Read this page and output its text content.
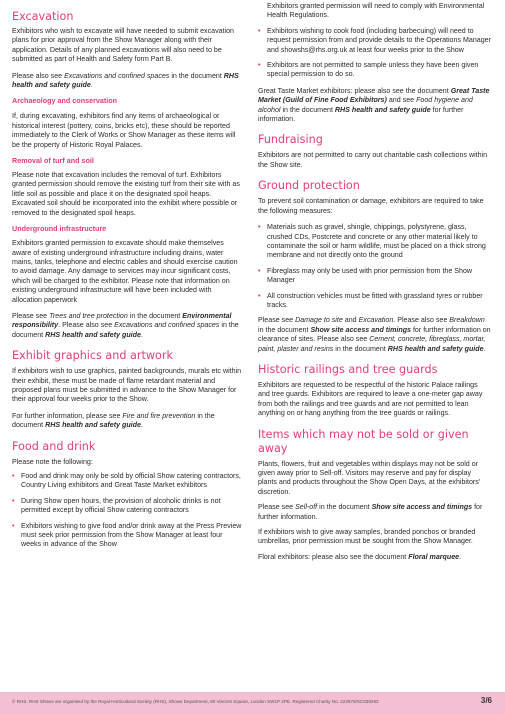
Excavation

Exhibitors who wish to excavate will have needed to submit excavation plans for prior approval from the Show Manager along with their application. Details of any planned excavations will also need to be submitted as part of Health and Safety form Part B.

Please also see Excavations and confined spaces in the document RHS health and safety guide.

Archaeology and conservation

If, during excavating, exhibitors find any items of archaeological or historical interest (pottery, coins, bricks etc), these should be reported immediately to the Clerk of Works or Show Manager as these items will be the property of Historic Royal Palaces.

Removal of turf and soil

Please note that excavation includes the removal of turf. Exhibitors granted permission should remove the existing turf from their site with as little soil as possible and place it on the designated spoil heaps. Excavated soil should be incorporated into the exhibit where possible or removed to the designated spoil heaps.

Underground infrastructure

Exhibitors granted permission to excavate should make themselves aware of existing underground infrastructure including drains, water mains, tanks, telephone and electric cables and should exercise caution to avoid damage. Any damage to services may incur significant costs, which will be charged to the exhibitor. Please note that information on existing underground infrastructure will have been included with allocation paperwork

Please see Trees and tree protection in the document Environmental responsibility. Please also see Excavations and confined spaces in the document RHS health and safety guide.

Exhibit graphics and artwork

If exhibitors wish to use graphics, painted backgrounds, murals etc within their exhibit, these must be made of flame retardant material and proposed plans must be submitted in advance to the Show Manager for their approval four weeks prior to the Show.

For further information, please see Fire and fire prevention in the document RHS health and safety guide.

Food and drink

Please note the following:

• Food and drink may only be sold by official Show catering contractors, Country Living exhibitors and Great Taste Market exhibitors
• During Show open hours, the provision of alcoholic drinks is not permitted except by official Show catering contractors
• Exhibitors wishing to give food and/or drink away at the Press Preview must seek prior permission from the Show Manager at least four weeks in advance of the Show

Exhibitors granted permission will need to comply with Environmental Health Regulations.

• Exhibitors wishing to cook food (including barbecuing) will need to request permission from and provide details to the Operations Manager and showshs@rhs.org.uk at least four weeks prior to the Show
• Exhibitors are not permitted to sample unless they have been given special permission to do so.

Great Taste Market exhibitors: please also see the document Great Taste Market (Guild of Fine Food Exhibitors) and see Food hygiene and alcohol in the document RHS health and safety guide for further information.

Fundraising

Exhibitors are not permitted to carry out charitable cash collections within the Show site.

Ground protection

To prevent soil contamination or damage, exhibitors are required to take the following measures:

• Materials such as gravel, shingle, chippings, polystyrene, glass, crushed CDs, Postcrete and concrete or any other material likely to contaminate the soil or harm wildlife, must be placed on a thick strong membrane and not directly onto the ground
• Fibreglass may only be used with prior permission from the Show Manager
• All construction vehicles must be fitted with grassland tyres or rubber tracks.

Please see Damage to site and Excavation. Please also see Breakdown in the document Show site access and timings for further information on clearance of sites. Please also see Cement, concrete, fibreglass, mortar, paint, plaster and resins in the document RHS health and safety guide.

Historic railings and tree guards

Exhibitors are requested to be respectful of the historic Palace railings and tree guards. Exhibitors are required to leave a one-meter gap away from both the railings and tree guards and are not permitted to lean anything on or hang anything from the tree guards or railings.

Items which may not be sold or given away

Plants, flowers, fruit and vegetables within displays may not be sold or given away prior to Sell-off. Visitors may reserve and pay for display plants and products throughout the Show Open Days, at the exhibitors' discretion.

Please see Sell-off in the document Show site access and timings for further information.

If exhibitors wish to give away samples, branded ponchos or branded umbrellas, prior permission must be sought from the Show Manager.

Floral exhibitors: please also see the document Floral marquee.

© RHS. RHS Shows are organised by the Royal Horticultural Society (RHS), Shows Department, 80 Vincent Square, London SW1P 2PE. Registered Charity No. 222879/SC038262	3/6
